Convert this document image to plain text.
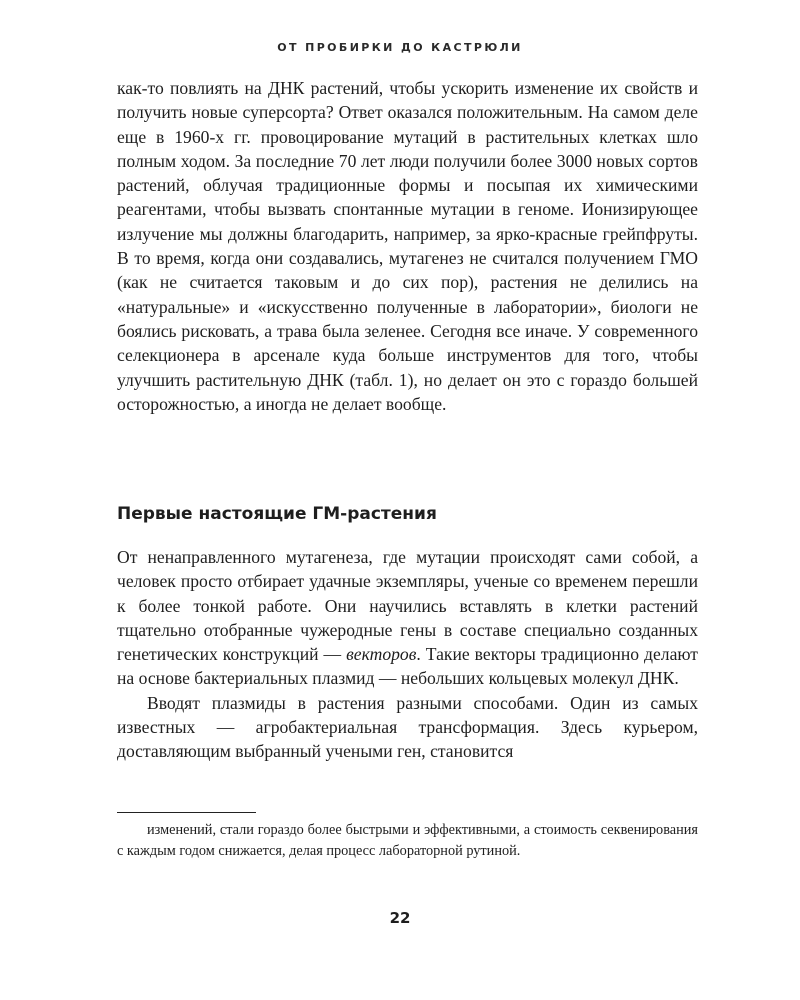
ОТ ПРОБИРКИ ДО КАСТРЮЛИ

как-то повлиять на ДНК растений, чтобы ускорить изменение их свойств и получить новые суперсорта? Ответ оказался положительным. На самом деле еще в 1960-х гг. провоцирование мутаций в растительных клетках шло полным ходом. За последние 70 лет люди получили более 3000 новых сортов растений, облучая традиционные формы и посыпая их химическими реагентами, чтобы вызвать спонтанные мутации в геноме. Ионизирующее излучение мы должны благодарить, например, за ярко-красные грейпфруты. В то время, когда они создавались, мутагенез не считался получением ГМО (как не считается таковым и до сих пор), растения не делились на «натуральные» и «искусственно полученные в лаборатории», биологи не боялись рисковать, а трава была зеленее. Сегодня все иначе. У современного селекционера в арсенале куда больше инструментов для того, чтобы улучшить растительную ДНК (табл. 1), но делает он это с гораздо большей осторожностью, а иногда не делает вообще.

Первые настоящие ГМ-растения

От ненаправленного мутагенеза, где мутации происходят сами собой, а человек просто отбирает удачные экземпляры, ученые со временем перешли к более тонкой работе. Они научились вставлять в клетки растений тщательно отобранные чужеродные гены в составе специально созданных генетических конструкций — векторов. Такие векторы традиционно делают на основе бактериальных плазмид — небольших кольцевых молекул ДНК.

Вводят плазмиды в растения разными способами. Один из самых известных — агробактериальная трансформация. Здесь курьером, доставляющим выбранный учеными ген, становится

изменений, стали гораздо более быстрыми и эффективными, а стоимость секвенирования с каждым годом снижается, делая процесс лабораторной рутиной.

22
